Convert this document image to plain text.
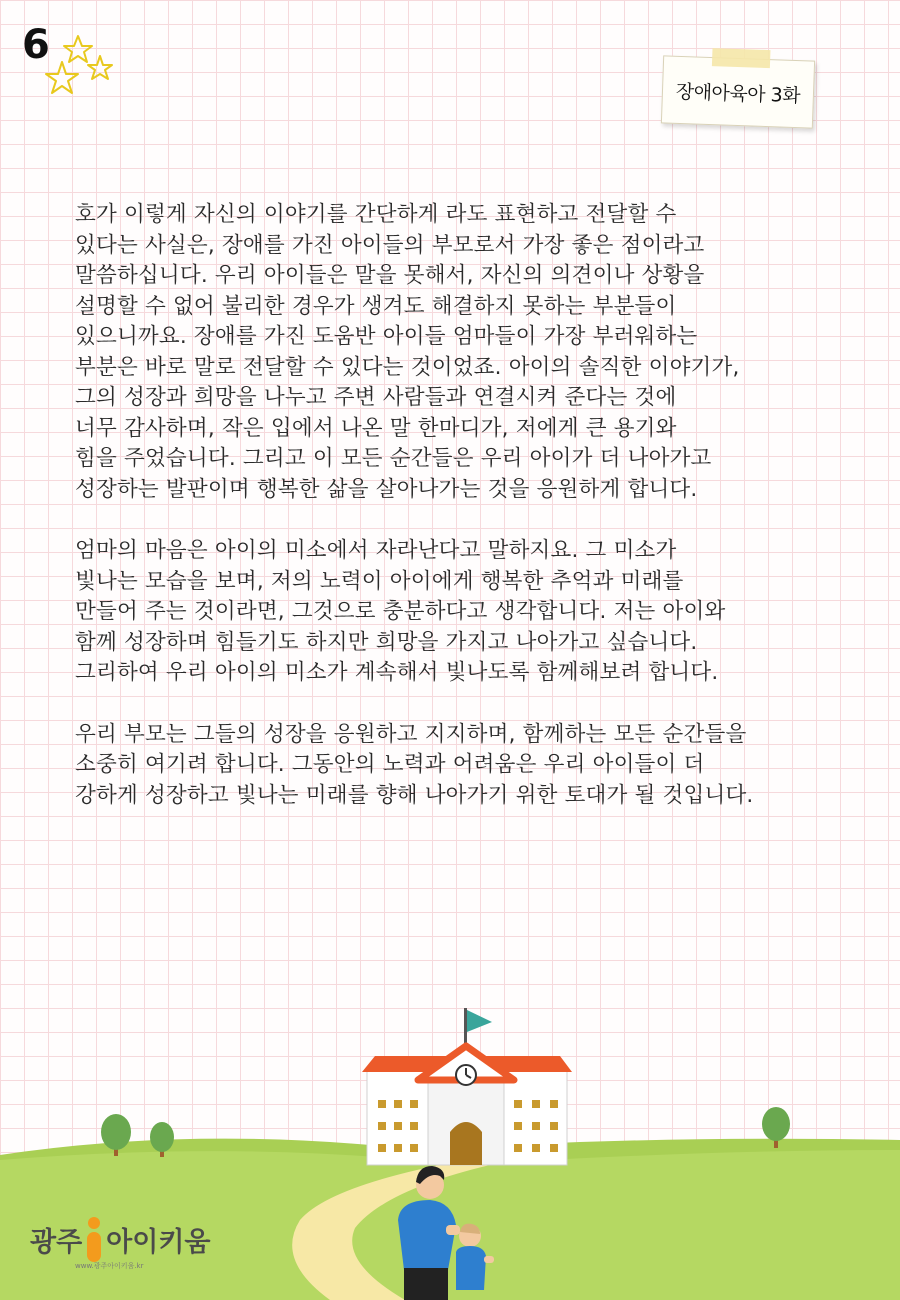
6
장애아육아 3화

호가 이렇게 자신의 이야기를 간단하게 라도 표현하고 전달할 수
있다는 사실은, 장애를 가진 아이들의 부모로서 가장 좋은 점이라고
말씀하십니다. 우리 아이들은 말을 못해서, 자신의 의견이나 상황을
설명할 수 없어 불리한 경우가 생겨도 해결하지 못하는 부분들이
있으니까요. 장애를 가진 도움반 아이들 엄마들이 가장 부러워하는
부분은 바로 말로 전달할 수 있다는 것이었죠. 아이의 솔직한 이야기가,
그의 성장과 희망을 나누고 주변 사람들과 연결시켜 준다는 것에
너무 감사하며, 작은 입에서 나온 말 한마디가, 저에게 큰 용기와
힘을 주었습니다. 그리고 이 모든 순간들은 우리 아이가 더 나아가고
성장하는 발판이며 행복한 삶을 살아나가는 것을 응원하게 합니다.

엄마의 마음은 아이의 미소에서 자라난다고 말하지요. 그 미소가
빛나는 모습을 보며, 저의 노력이 아이에게 행복한 추억과 미래를
만들어 주는 것이라면, 그것으로 충분하다고 생각합니다. 저는 아이와
함께 성장하며 힘들기도 하지만 희망을 가지고 나아가고 싶습니다.
그리하여 우리 아이의 미소가 계속해서 빛나도록 함께해보려 합니다.

우리 부모는 그들의 성장을 응원하고 지지하며, 함께하는 모든 순간들을
소중히 여기려 합니다. 그동안의 노력과 어려움은 우리 아이들이 더
강하게 성장하고 빛나는 미래를 향해 나아가기 위한 토대가 될 것입니다.

광주 아이키움
www.광주아이키움.kr
